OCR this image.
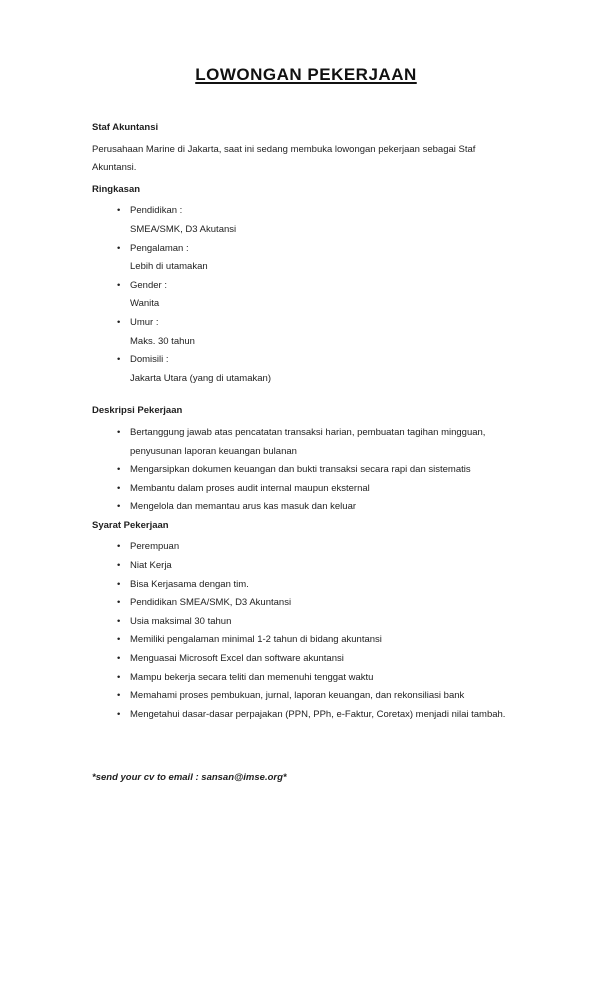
LOWONGAN PEKERJAAN
Staf Akuntansi

Perusahaan Marine di Jakarta, saat ini sedang membuka lowongan pekerjaan sebagai Staf Akuntansi.

Ringkasan
• Pendidikan :
SMEA/SMK, D3 Akutansi
• Pengalaman :
Lebih di utamakan
• Gender :
Wanita
• Umur :
Maks. 30 tahun
• Domisili :
Jakarta Utara (yang di utamakan)
Deskripsi Pekerjaan
• Bertanggung jawab atas pencatatan transaksi harian, pembuatan tagihan mingguan, penyusunan laporan keuangan bulanan
• Mengarsipkan dokumen keuangan dan bukti transaksi secara rapi dan sistematis
• Membantu dalam proses audit internal maupun eksternal
• Mengelola dan memantau arus kas masuk dan keluar
Syarat Pekerjaan
• Perempuan
• Niat Kerja
• Bisa Kerjasama dengan tim.
• Pendidikan SMEA/SMK, D3 Akuntansi
• Usia maksimal 30 tahun
• Memiliki pengalaman minimal 1-2 tahun di bidang akuntansi
• Menguasai Microsoft Excel dan software akuntansi
• Mampu bekerja secara teliti dan memenuhi tenggat waktu
• Memahami proses pembukuan, jurnal, laporan keuangan, dan rekonsiliasi bank
• Mengetahui dasar-dasar perpajakan (PPN, PPh, e-Faktur, Coretax) menjadi nilai tambah.
*send your cv to email : sansan@imse.org*
